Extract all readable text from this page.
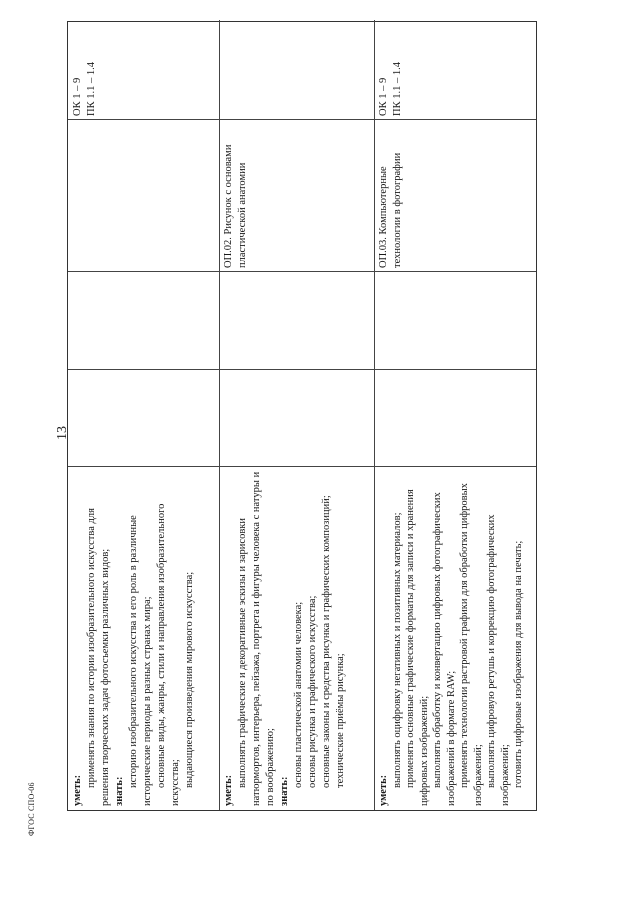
13
уметь:
применять знания по истории изобразительного искусства для решения творческих задач фотосъемки различных видов; знать:
историю изобразительного искусства и его роль в различные исторические периоды в разных странах мира; основные виды, жанры, стили и направления изобразительного искусства; выдающиеся произведения мирового искусства;
ОК 1 – 9
ПК 1.1 – 1.4
уметь:
выполнять графические и декоративные эскизы и зарисовки натюрмортов, интерьера, пейзажа, портрета и фигуры человека с натуры и по воображению; знать:
основы пластической анатомии человека; основы рисунка и графического искусства; основные законы и средства рисунка и графических композиций; технические приёмы рисунка;
ОП.02. Рисунок с основами пластической анатомии
уметь:
выполнять оцифровку негативных и позитивных материалов; применять основные графические форматы для записи и хранения цифровых изображений; выполнять обработку и конвертацию цифровых фотографических изображений в формате RAW; применять технологии растровой графики для обработки цифровых изображений; выполнять цифровую ретушь и коррекцию фотографических изображений; готовить цифровые изображения для вывода на печать;
ОП.03. Компьютерные технологии в фотографии
ОК 1 – 9
ПК 1.1 – 1.4
ФГОС СПО-06
